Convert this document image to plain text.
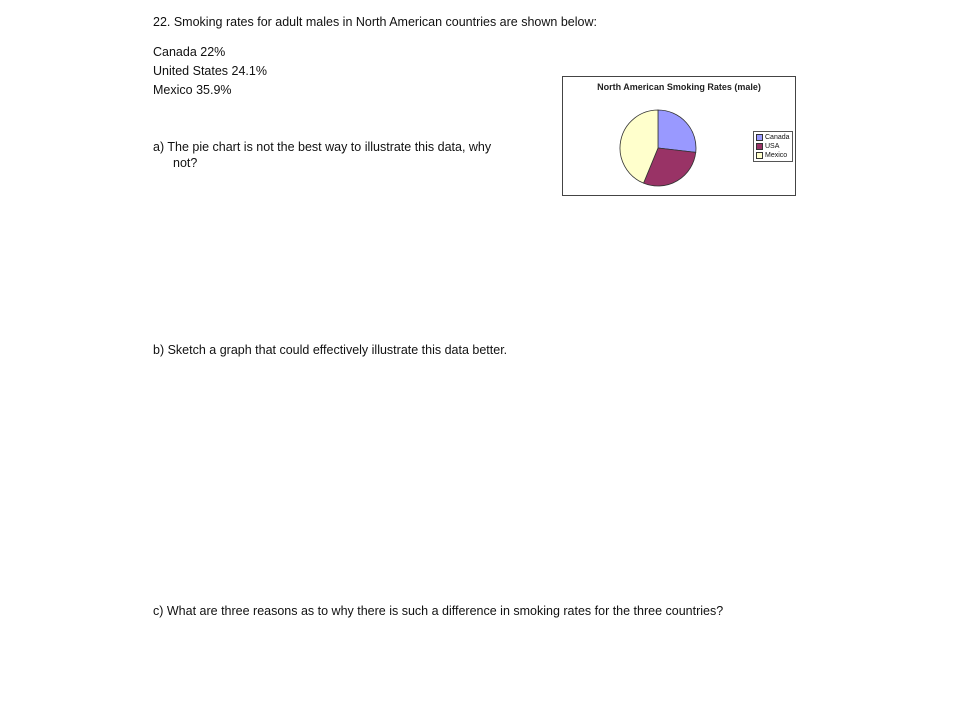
22. Smoking rates for adult males in North American countries are shown below:
Canada 22%
United States 24.1%
Mexico 35.9%
a) The pie chart is not the best way to illustrate this data, why
not?
b) Sketch a graph that could effectively illustrate this data better.
c) What are three reasons as to why there is such a difference in smoking rates for the three countries?
North American Smoking Rates (male)
Canada
USA
Mexico
